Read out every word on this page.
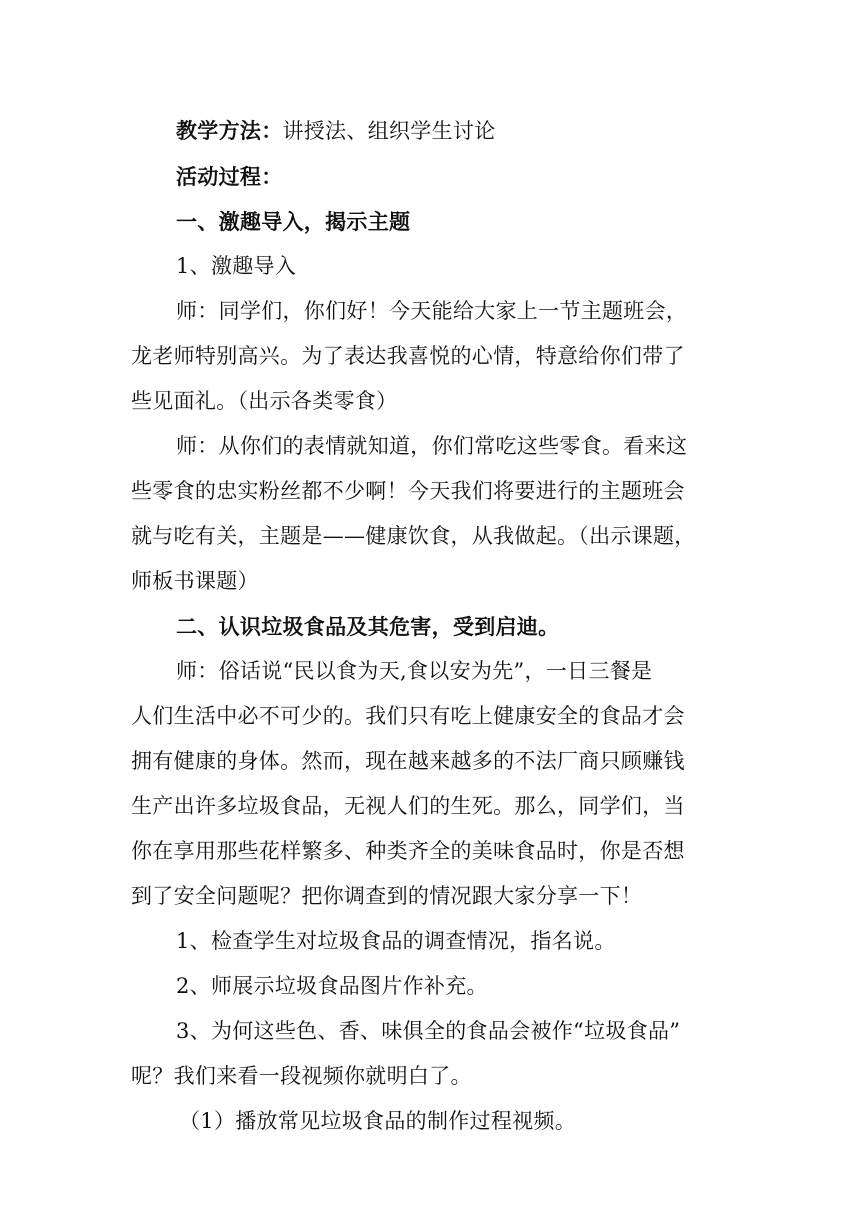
教学方法：讲授法、组织学生讨论
活动过程：
一、激趣导入，揭示主题
1、激趣导入
师：同学们，你们好！今天能给大家上一节主题班会，
龙老师特别高兴。为了表达我喜悦的心情，特意给你们带了
些见面礼。（出示各类零食）
师：从你们的表情就知道，你们常吃这些零食。看来这
些零食的忠实粉丝都不少啊！今天我们将要进行的主题班会
就与吃有关，主题是——健康饮食，从我做起。（出示课题，
师板书课题）
二、认识垃圾食品及其危害，受到启迪。
师：俗话说“民以食为天,食以安为先”，一日三餐是
人们生活中必不可少的。我们只有吃上健康安全的食品才会
拥有健康的身体。然而，现在越来越多的不法厂商只顾赚钱
生产出许多垃圾食品，无视人们的生死。那么，同学们，当
你在享用那些花样繁多、种类齐全的美味食品时，你是否想
到了安全问题呢？把你调查到的情况跟大家分享一下！
1、检查学生对垃圾食品的调查情况，指名说。
2、师展示垃圾食品图片作补充。
3、为何这些色、香、味俱全的食品会被作“垃圾食品”
呢？我们来看一段视频你就明白了。
（1）播放常见垃圾食品的制作过程视频。
